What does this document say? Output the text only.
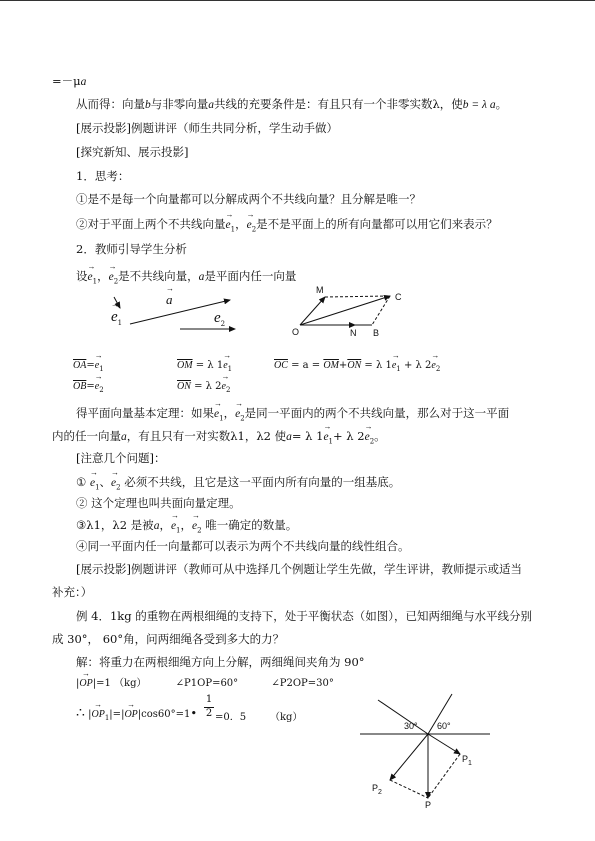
=－μa
从而得：向量b与非零向量a共线的充要条件是：有且只有一个非零实数λ，使b = λ a。
[展示投影]例题讲评（师生共同分析，学生动手做）
[探究新知、展示投影]
1．思考：
①是不是每一个向量都可以分解成两个不共线向量？且分解是唯一？
②对于平面上两个不共线向量→ $e_1$，→ $e_2$是不是平面上的所有向量都可以用它们来表示？
2．教师引导学生分析
设→ $e_1$，→ $e_2$是不共线向量，a是平面内任一向量
→ $e_1$
→ a
$e_2$
M
C
O	N B
$\overline{OA}=\to e_1$
$\overline{OB}=\to e_2$
$\overline{OM} = \lambda$ $1\to e_1$
$\overline{ON} = \lambda$ $2\to e_2$
$\overline{OC} = a = \overline{OM}+\overline{ON} = \lambda$ $1\to e_1 + \lambda$ $2\to e_2$
得平面向量基本定理：如果→ $e_1$，→ $e_2$是同一平面内的两个不共线向量，那么对于这一平面
内的任一向量a，有且只有一对实数λ1，λ2 使a= λ $1\to e_1+ \lambda$ $2\to e_2$。
[注意几个问题]：
① → $e_1$、→ $e_2$ 必须不共线，且它是这一平面内所有向量的一组基底。
② 这个定理也叫共面向量定理。
③λ1，λ2 是被a，→ $e_1$，→ $e_2$ 唯一确定的数量。
④同一平面内任一向量都可以表示为两个不共线向量的线性组合。
[展示投影]例题讲评（教师可从中选择几个例题让学生先做，学生评讲，教师提示或适当
补充：）
例 4．1kg 的重物在两根细绳的支持下，处于平衡状态（如图），已知两细绳与水平线分别
成 30°， 60°角，问两细绳各受到多大的力？
解：将重力在两根细绳方向上分解，两细绳间夹角为 90°
|→ OP|=1 （kg）	∠P1OP=60°	∠P2OP=30°
∴ |→ $OP_1|=|\to$ OP|cos60°=1•
1
2 =0．5 （kg）
30° 60°
$P_1$
$P_2$
P
